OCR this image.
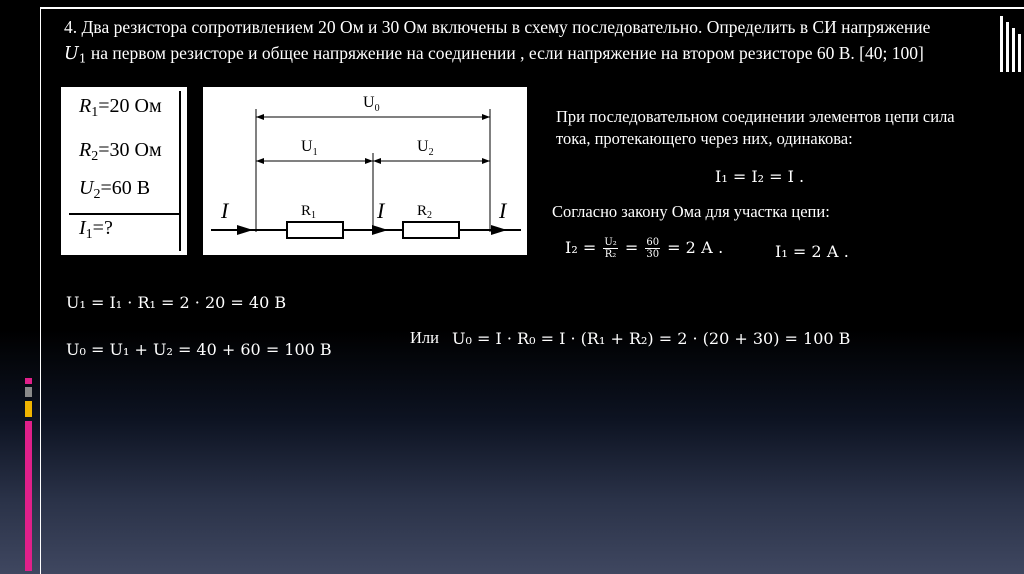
4. Два резистора сопротивлением 20 Ом и 30 Ом включены в схему последовательно. Определить в СИ напряжение
$U_1$ на первом резисторе и общее напряжение на соединении , если напряжение на втором резисторе 60 В. [40; 100]
$R_1=20$ Ом
$R_2=30$ Ом
$U_2=60$ В
$I_1=$?
$U_0$
$U_1$	$U_2$
$R_1$	$R_2$
I	I	I
При последовательном соединении элементов цепи сила тока, протекающего через них, одинакова:
I₁ = I₂ = I .
Согласно закону Ома для участка цепи:
$I_2 = \frac{\text{U₂}}{\text{R₂}} = \frac{60}{30} = 2$ А .	I₁ = 2 А .
U₁ = I₁ · R₁ = 2 · 20 = 40 В
U₀ = U₁ + U₂ = 40 + 60 = 100 В
Или U₀ = I · R₀ = I · (R₁ + R₂) = 2 · (20 + 30) = 100 В
